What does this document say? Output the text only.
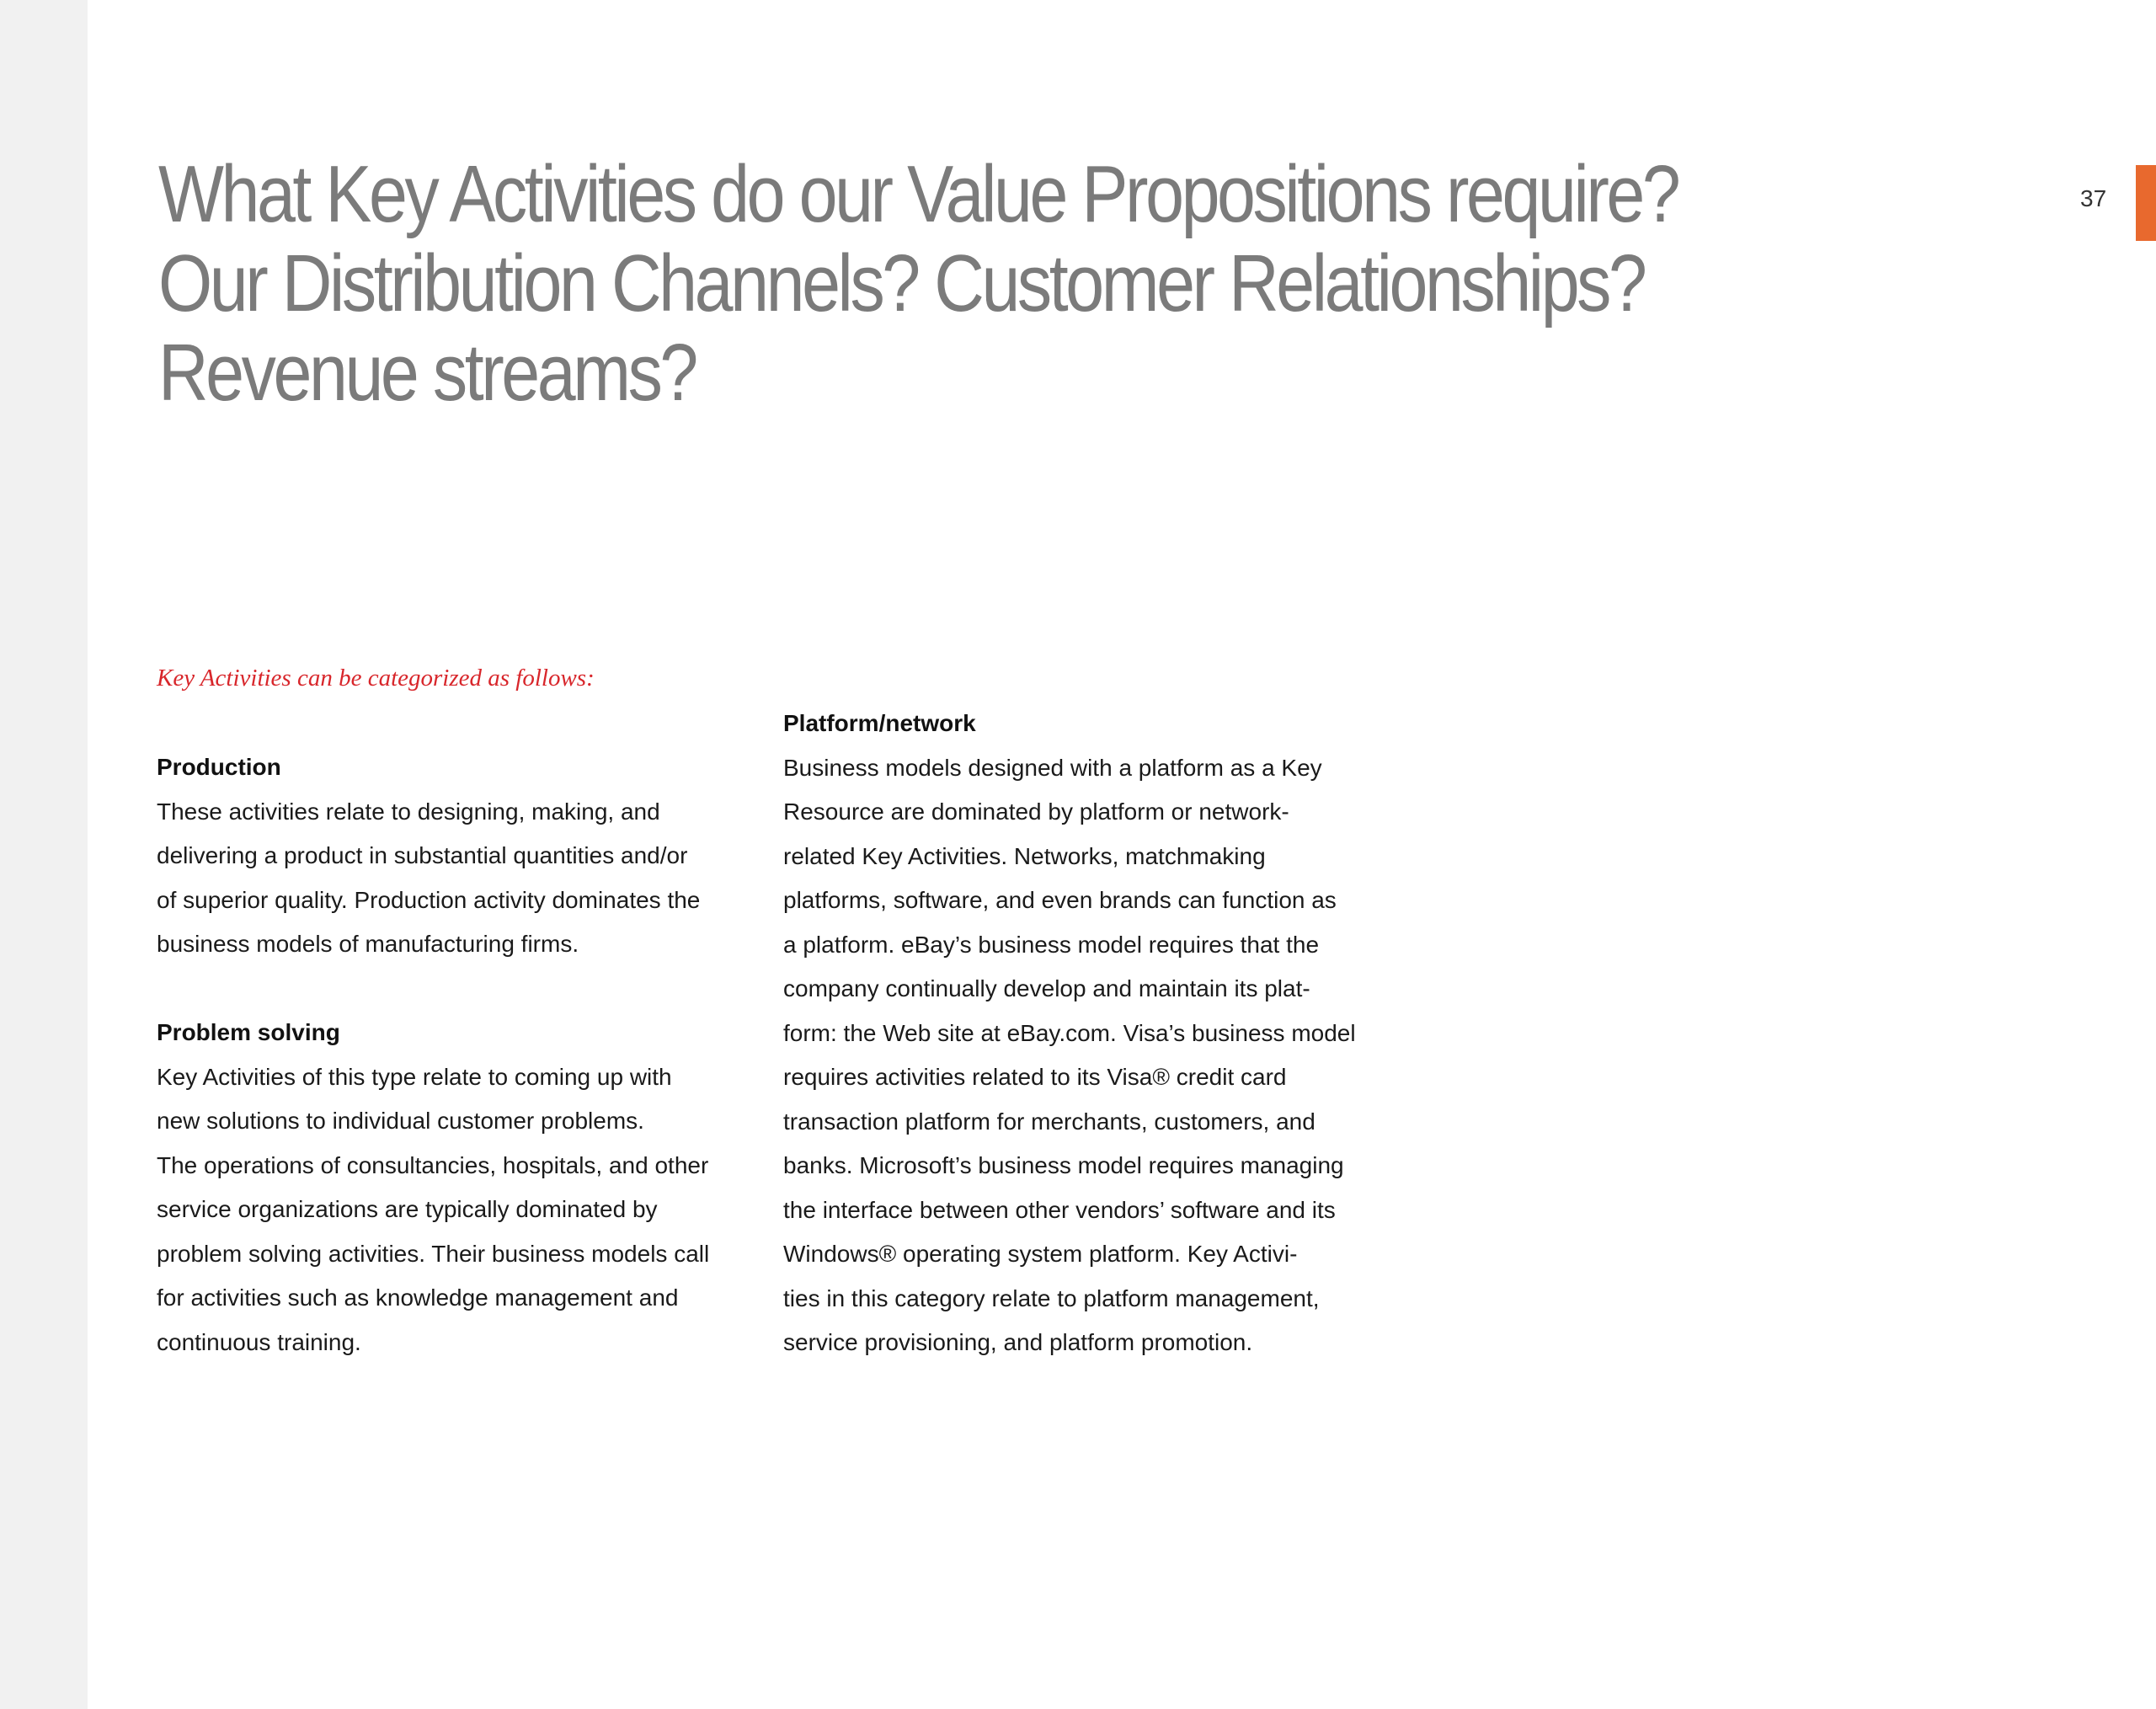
37
What Key Activities do our Value Propositions require?
Our Distribution Channels? Customer Relationships?
Revenue streams?
Key Activities can be categorized as follows:
Production
These activities relate to designing, making, and
delivering a product in substantial quantities and/or
of superior quality. Production activity dominates the
business models of manufacturing firms.
Problem solving
Key Activities of this type relate to coming up with
new solutions to individual customer problems.
The operations of consultancies, hospitals, and other
service organizations are typically dominated by
problem solving activities. Their business models call
for activities such as knowledge management and
continuous training.
Platform/network
Business models designed with a platform as a Key
Resource are dominated by platform or network-
related Key Activities. Networks, matchmaking
platforms, software, and even brands can function as
a platform. eBay’s business model requires that the
company continually develop and maintain its plat-
form: the Web site at eBay.com. Visa’s business model
requires activities related to its Visa® credit card
transaction platform for merchants, customers, and
banks. Microsoft’s business model requires managing
the interface between other vendors’ software and its
Windows® operating system platform. Key Activi-
ties in this category relate to platform management,
service provisioning, and platform promotion.
